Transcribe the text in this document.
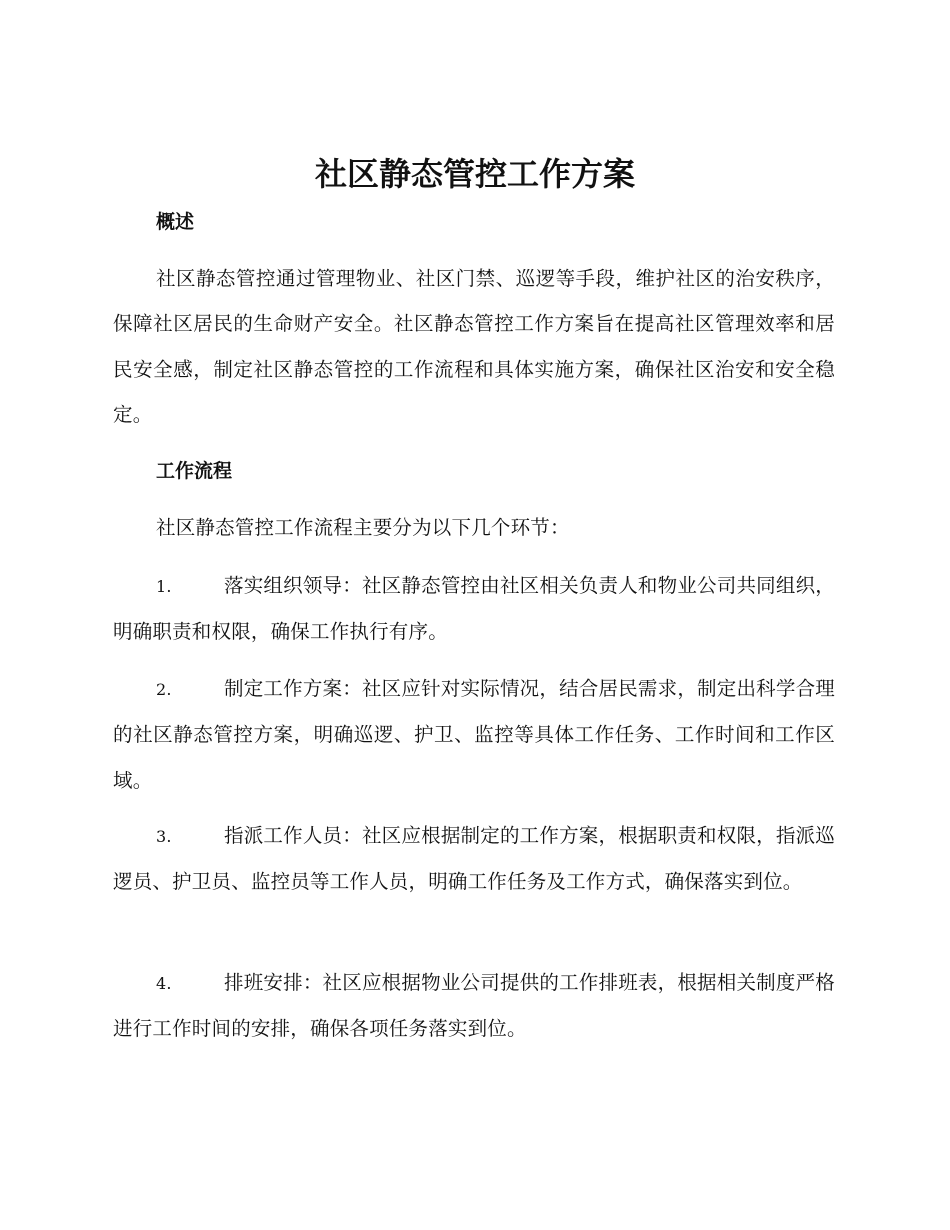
社区静态管控工作方案
概述

社区静态管控通过管理物业、社区门禁、巡逻等手段，维护社区的治安秩序，保障社区居民的生命财产安全。社区静态管控工作方案旨在提高社区管理效率和居民安全感，制定社区静态管控的工作流程和具体实施方案，确保社区治安和安全稳定。

工作流程

社区静态管控工作流程主要分为以下几个环节：

1.	落实组织领导：社区静态管控由社区相关负责人和物业公司共同组织，明确职责和权限，确保工作执行有序。

2.	制定工作方案：社区应针对实际情况，结合居民需求，制定出科学合理的社区静态管控方案，明确巡逻、护卫、监控等具体工作任务、工作时间和工作区域。

3.	指派工作人员：社区应根据制定的工作方案，根据职责和权限，指派巡逻员、护卫员、监控员等工作人员，明确工作任务及工作方式，确保落实到位。

4.	排班安排：社区应根据物业公司提供的工作排班表，根据相关制度严格进行工作时间的安排，确保各项任务落实到位。
